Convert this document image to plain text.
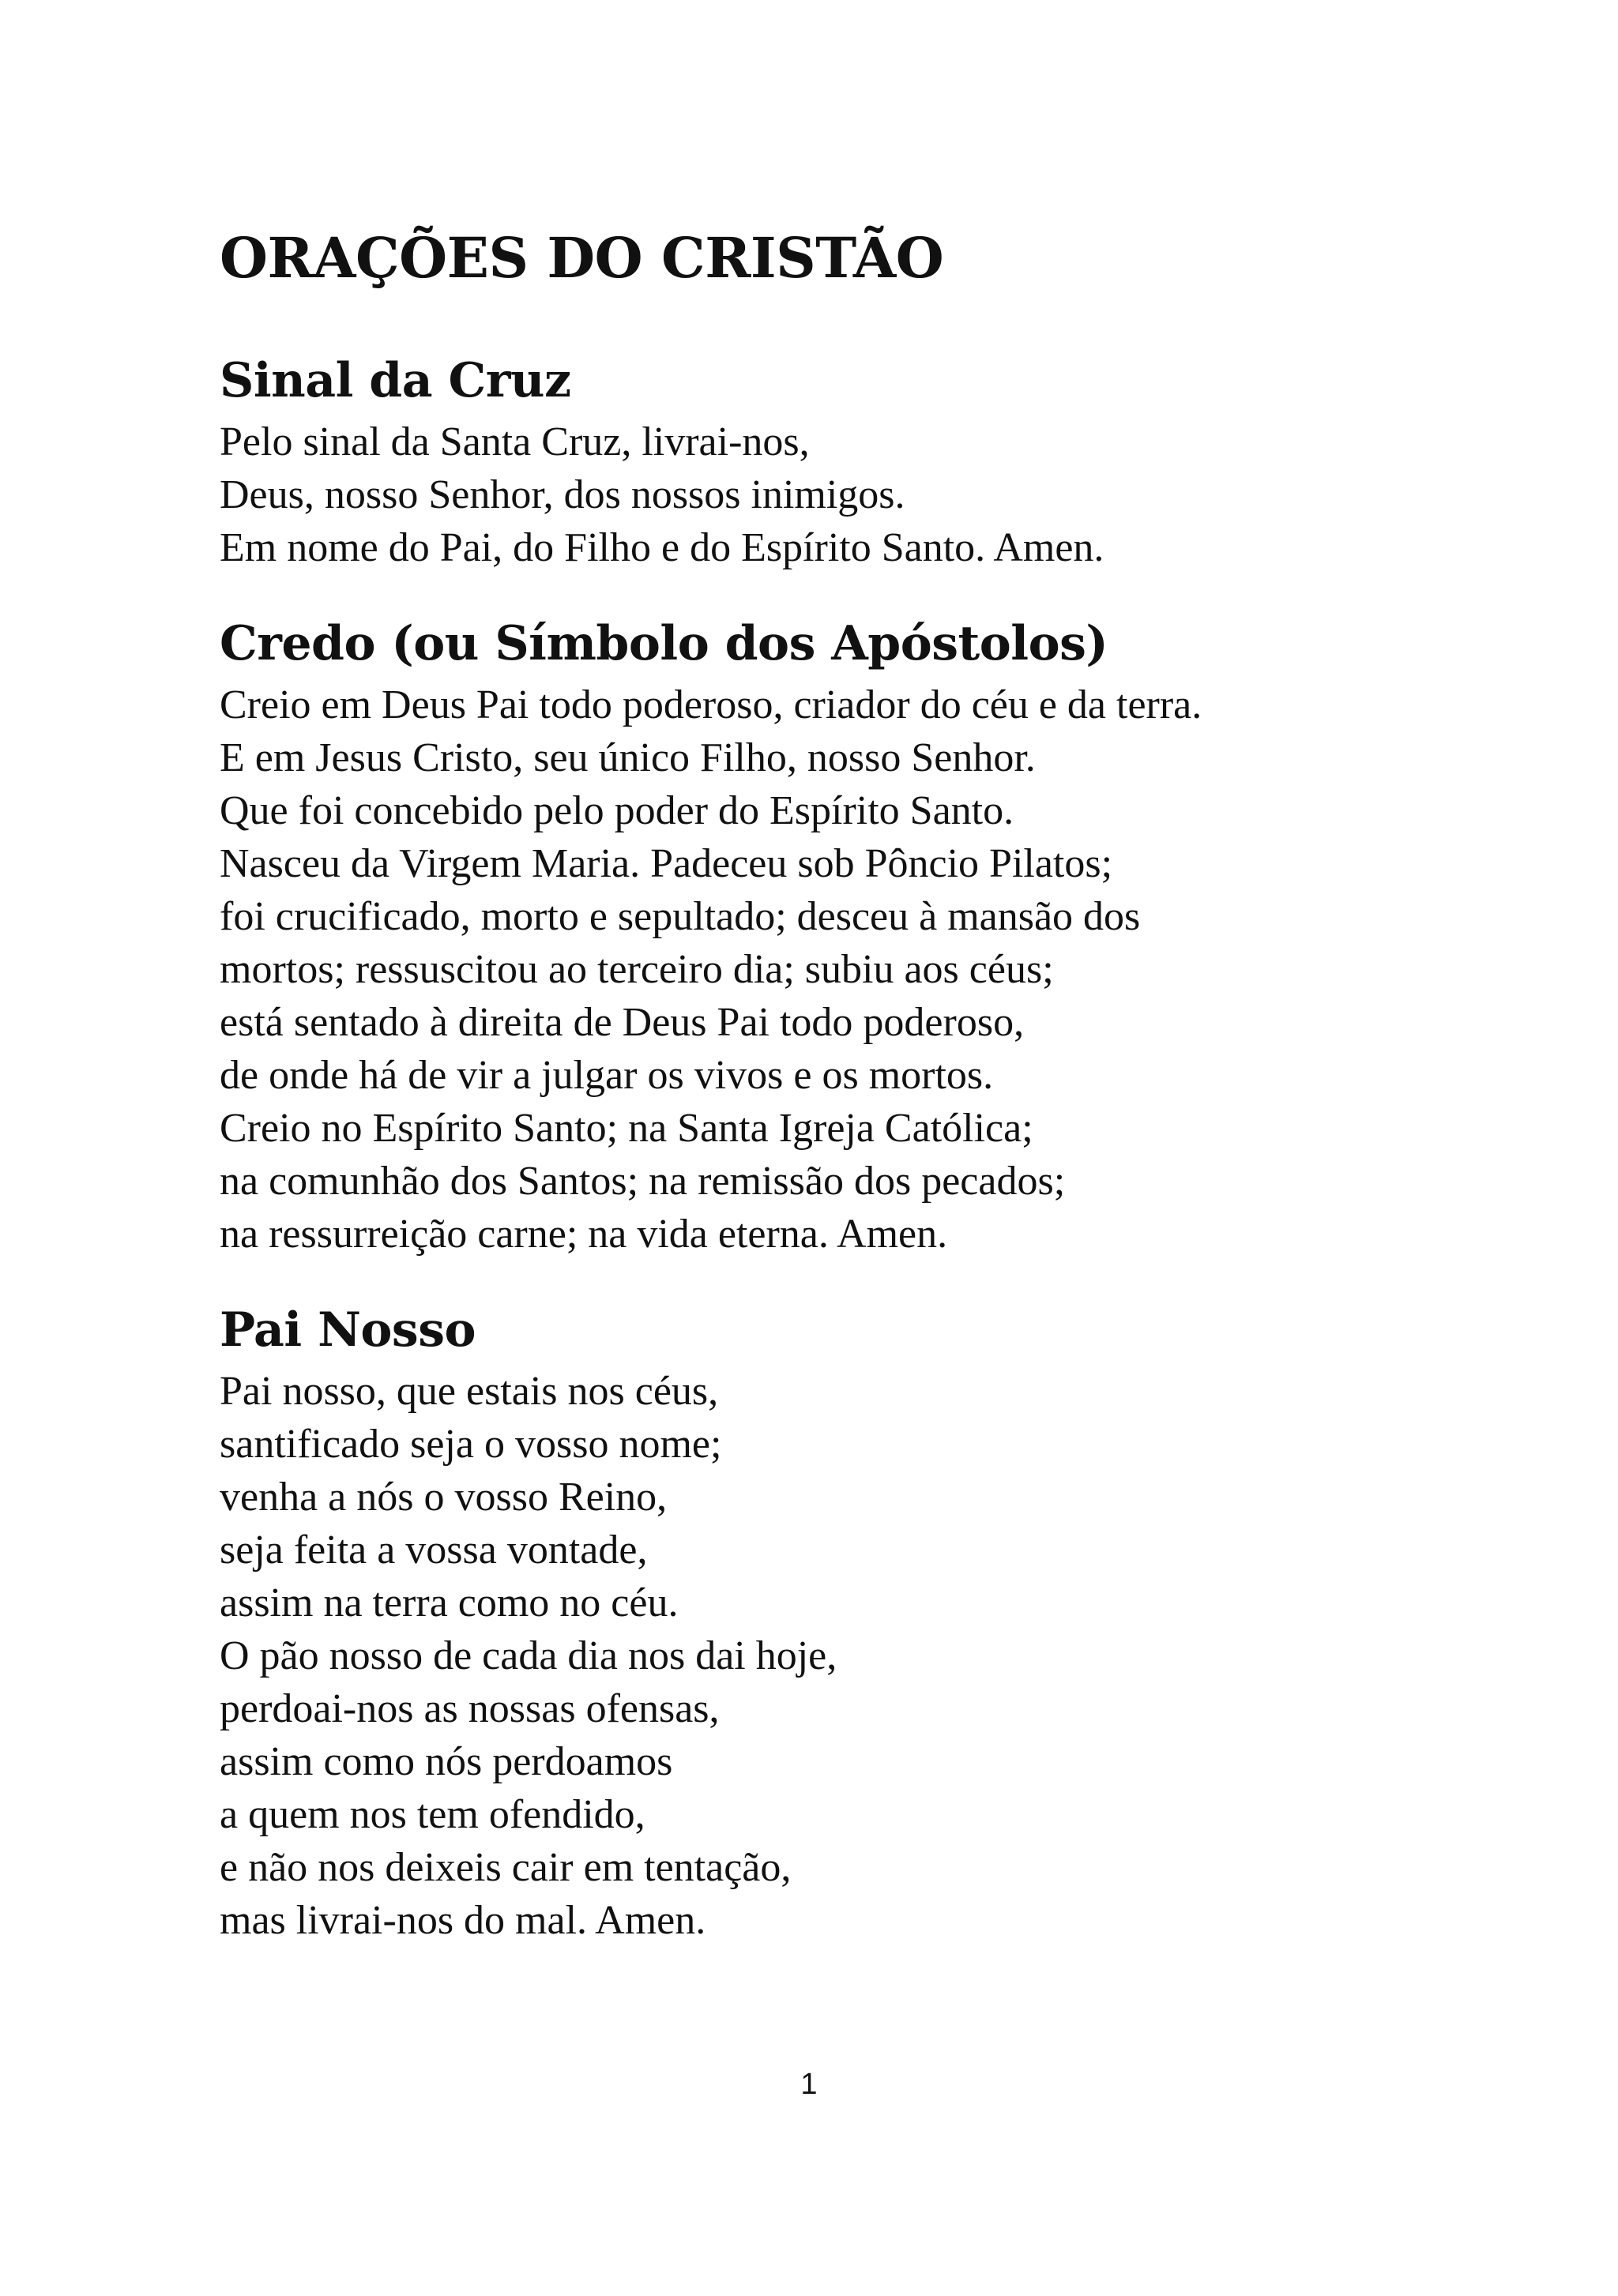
ORAÇÕES DO CRISTÃO
Sinal da Cruz
Pelo sinal da Santa Cruz, livrai-nos,
Deus, nosso Senhor, dos nossos inimigos.
Em nome do Pai, do Filho e do Espírito Santo. Amen.
Credo (ou Símbolo dos Apóstolos)
Creio em Deus Pai todo poderoso, criador do céu e da terra.
E em Jesus Cristo, seu único Filho, nosso Senhor.
Que foi concebido pelo poder do Espírito Santo.
Nasceu da Virgem Maria. Padeceu sob Pôncio Pilatos;
foi crucificado, morto e sepultado; desceu à mansão dos
mortos; ressuscitou ao terceiro dia; subiu aos céus;
está sentado à direita de Deus Pai todo poderoso,
de onde há de vir a julgar os vivos e os mortos.
Creio no Espírito Santo; na Santa Igreja Católica;
na comunhão dos Santos; na remissão dos pecados;
na ressurreição carne; na vida eterna. Amen.
Pai Nosso
Pai nosso, que estais nos céus,
santificado seja o vosso nome;
venha a nós o vosso Reino,
seja feita a vossa vontade,
assim na terra como no céu.
O pão nosso de cada dia nos dai hoje,
perdoai-nos as nossas ofensas,
assim como nós perdoamos
a quem nos tem ofendido,
e não nos deixeis cair em tentação,
mas livrai-nos do mal. Amen.
1
